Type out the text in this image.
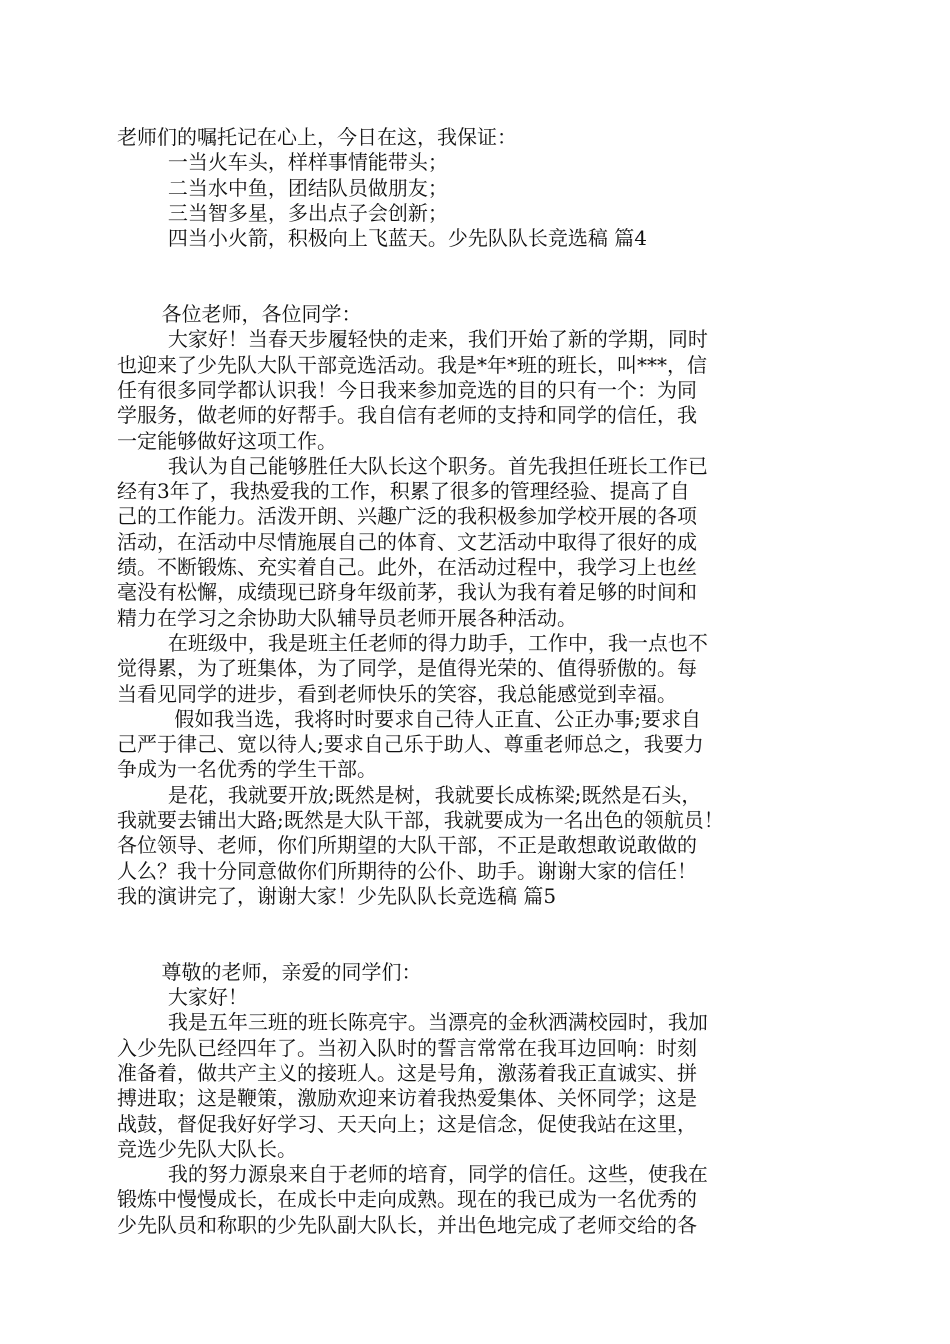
老师们的嘱托记在心上，今日在这，我保证：
一当火车头，样样事情能带头；
二当水中鱼，团结队员做朋友；
三当智多星，多出点子会创新；
四当小火箭，积极向上飞蓝天。少先队队长竞选稿 篇4
各位老师，各位同学：
大家好！当春天步履轻快的走来，我们开始了新的学期，同时
也迎来了少先队大队干部竞选活动。我是*年*班的班长，叫***，信
任有很多同学都认识我！今日我来参加竞选的目的只有一个：为同
学服务，做老师的好帮手。我自信有老师的支持和同学的信任，我
一定能够做好这项工作。
我认为自己能够胜任大队长这个职务。首先我担任班长工作已
经有3年了，我热爱我的工作，积累了很多的管理经验、提高了自
己的工作能力。活泼开朗、兴趣广泛的我积极参加学校开展的各项
活动，在活动中尽情施展自己的体育、文艺活动中取得了很好的成
绩。不断锻炼、充实着自己。此外，在活动过程中，我学习上也丝
毫没有松懈，成绩现已跻身年级前茅，我认为我有着足够的时间和
精力在学习之余协助大队辅导员老师开展各种活动。
在班级中，我是班主任老师的得力助手，工作中，我一点也不
觉得累，为了班集体，为了同学，是值得光荣的、值得骄傲的。每
当看见同学的进步，看到老师快乐的笑容，我总能感觉到幸福。
假如我当选，我将时时要求自己待人正直、公正办事;要求自
己严于律己、宽以待人;要求自己乐于助人、尊重老师总之，我要力
争成为一名优秀的学生干部。
是花，我就要开放;既然是树，我就要长成栋梁;既然是石头，
我就要去铺出大路;既然是大队干部，我就要成为一名出色的领航员！
各位领导、老师，你们所期望的大队干部，不正是敢想敢说敢做的
人么？我十分同意做你们所期待的公仆、助手。谢谢大家的信任！
我的演讲完了，谢谢大家！少先队队长竞选稿 篇5
尊敬的老师，亲爱的同学们：
大家好！
我是五年三班的班长陈亮宇。当漂亮的金秋洒满校园时，我加
入少先队已经四年了。当初入队时的誓言常常在我耳边回响：时刻
准备着，做共产主义的接班人。这是号角，激荡着我正直诚实、拼
搏进取；这是鞭策，激励欢迎来访着我热爱集体、关怀同学；这是
战鼓，督促我好好学习、天天向上；这是信念，促使我站在这里，
竞选少先队大队长。
我的努力源泉来自于老师的培育，同学的信任。这些，使我在
锻炼中慢慢成长，在成长中走向成熟。现在的我已成为一名优秀的
少先队员和称职的少先队副大队长，并出色地完成了老师交给的各
